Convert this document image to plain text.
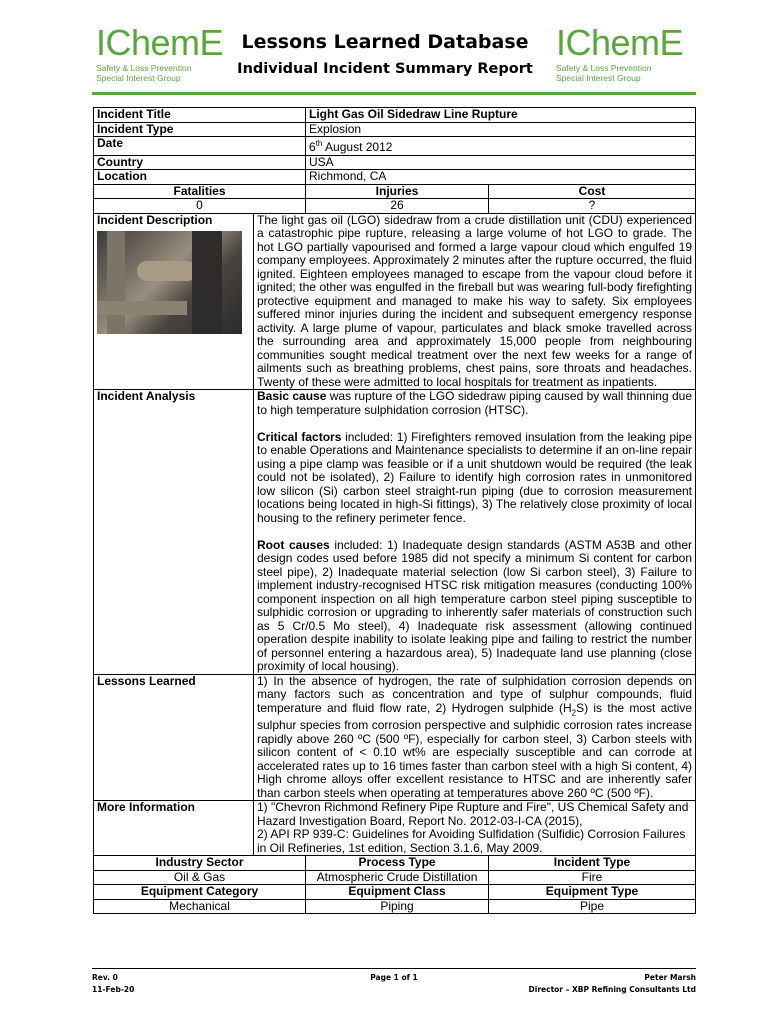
IChemE
Safety & Loss Prevention
Special Interest Group
Lessons Learned Database
Individual Incident Summary Report
IChemE
Safety & Loss Prevention
Special Interest Group
Incident Title		Light Gas Oil Sidedraw Line Rupture	
Incident Type		Explosion	
Date		6th August 2012	
Country		USA	
Location		Richmond, CA	
Fatalities		Injuries	Cost
0		26	?

Incident Description	The light gas oil (LGO) sidedraw from a crude distillation unit (CDU) experienced a catastrophic pipe rupture, releasing a large volume of hot LGO to grade. The hot LGO partially vapourised and formed a large vapour cloud which engulfed 19 company employees. Approximately 2 minutes after the rupture occurred, the fluid ignited. Eighteen employees managed to escape from the vapour cloud before it ignited; the other was engulfed in the fireball but was wearing full-body firefighting protective equipment and managed to make his way to safety. Six employees suffered minor injuries during the incident and subsequent emergency response activity. A large plume of vapour, particulates and black smoke travelled across the surrounding area and approximately 15,000 people from neighbouring communities sought medical treatment over the next few weeks for a range of ailments such as breathing problems, chest pains, sore throats and headaches. Twenty of these were admitted to local hospitals for treatment as inpatients.		
Incident Analysis	Basic cause was rupture of the LGO sidedraw piping caused by wall thinning due to high temperature sulphidation corrosion (HTSC).
Critical factors included: 1) Firefighters removed insulation from the leaking pipe to enable Operations and Maintenance specialists to determine if an on-line repair using a pipe clamp was feasible or if a unit shutdown would be required (the leak could not be isolated), 2) Failure to identify high corrosion rates in unmonitored low silicon (Si) carbon steel straight-run piping (due to corrosion measurement locations being located in high-Si fittings), 3) The relatively close proximity of local housing to the refinery perimeter fence.
Root causes included: 1) Inadequate design standards (ASTM A53B and other design codes used before 1985 did not specify a minimum Si content for carbon steel pipe), 2) Inadequate material selection (low Si carbon steel), 3) Failure to implement industry-recognised HTSC risk mitigation measures (conducting 100% component inspection on all high temperature carbon steel piping susceptible to sulphidic corrosion or upgrading to inherently safer materials of construction such as 5 Cr/0.5 Mo steel), 4) Inadequate risk assessment (allowing continued operation despite inability to isolate leaking pipe and failing to restrict the number of personnel entering a hazardous area), 5) Inadequate land use planning (close proximity of local housing).		

Lessons Learned	1) In the absence of hydrogen, the rate of sulphidation corrosion depends on many factors such as concentration and type of sulphur compounds, fluid temperature and fluid flow rate, 2) Hydrogen sulphide $(H_2S)$ is the most active sulphur species from corrosion perspective and sulphidic corrosion rates increase rapidly above 260 ºC (500 ºF), especially for carbon steel, 3) Carbon steels with silicon content of < 0.10 wt% are especially susceptible and can corrode at accelerated rates up to 16 times faster than carbon steel with a high Si content, 4) High chrome alloys offer excellent resistance to HTSC and are inherently safer than carbon steels when operating at temperatures above 260 ºC (500 ºF).		
More Information	1) "Chevron Richmond Refinery Pipe Rupture and Fire", US Chemical Safety and Hazard Investigation Board, Report No. 2012-03-I-CA (2015),
2) API RP 939-C: Guidelines for Avoiding Sulfidation (Sulfidic) Corrosion Failures in Oil Refineries, 1st edition, Section 3.1.6, May 2009.		

Industry Sector		Process Type	Incident Type
Oil & Gas		Atmospheric Crude Distillation	Fire
Equipment Category		Equipment Class	Equipment Type
Mechanical		Piping	Pipe
Rev. 0	Page 1 of 1	Peter Marsh
11-Feb-20	Director – XBP Refining Consultants Ltd
